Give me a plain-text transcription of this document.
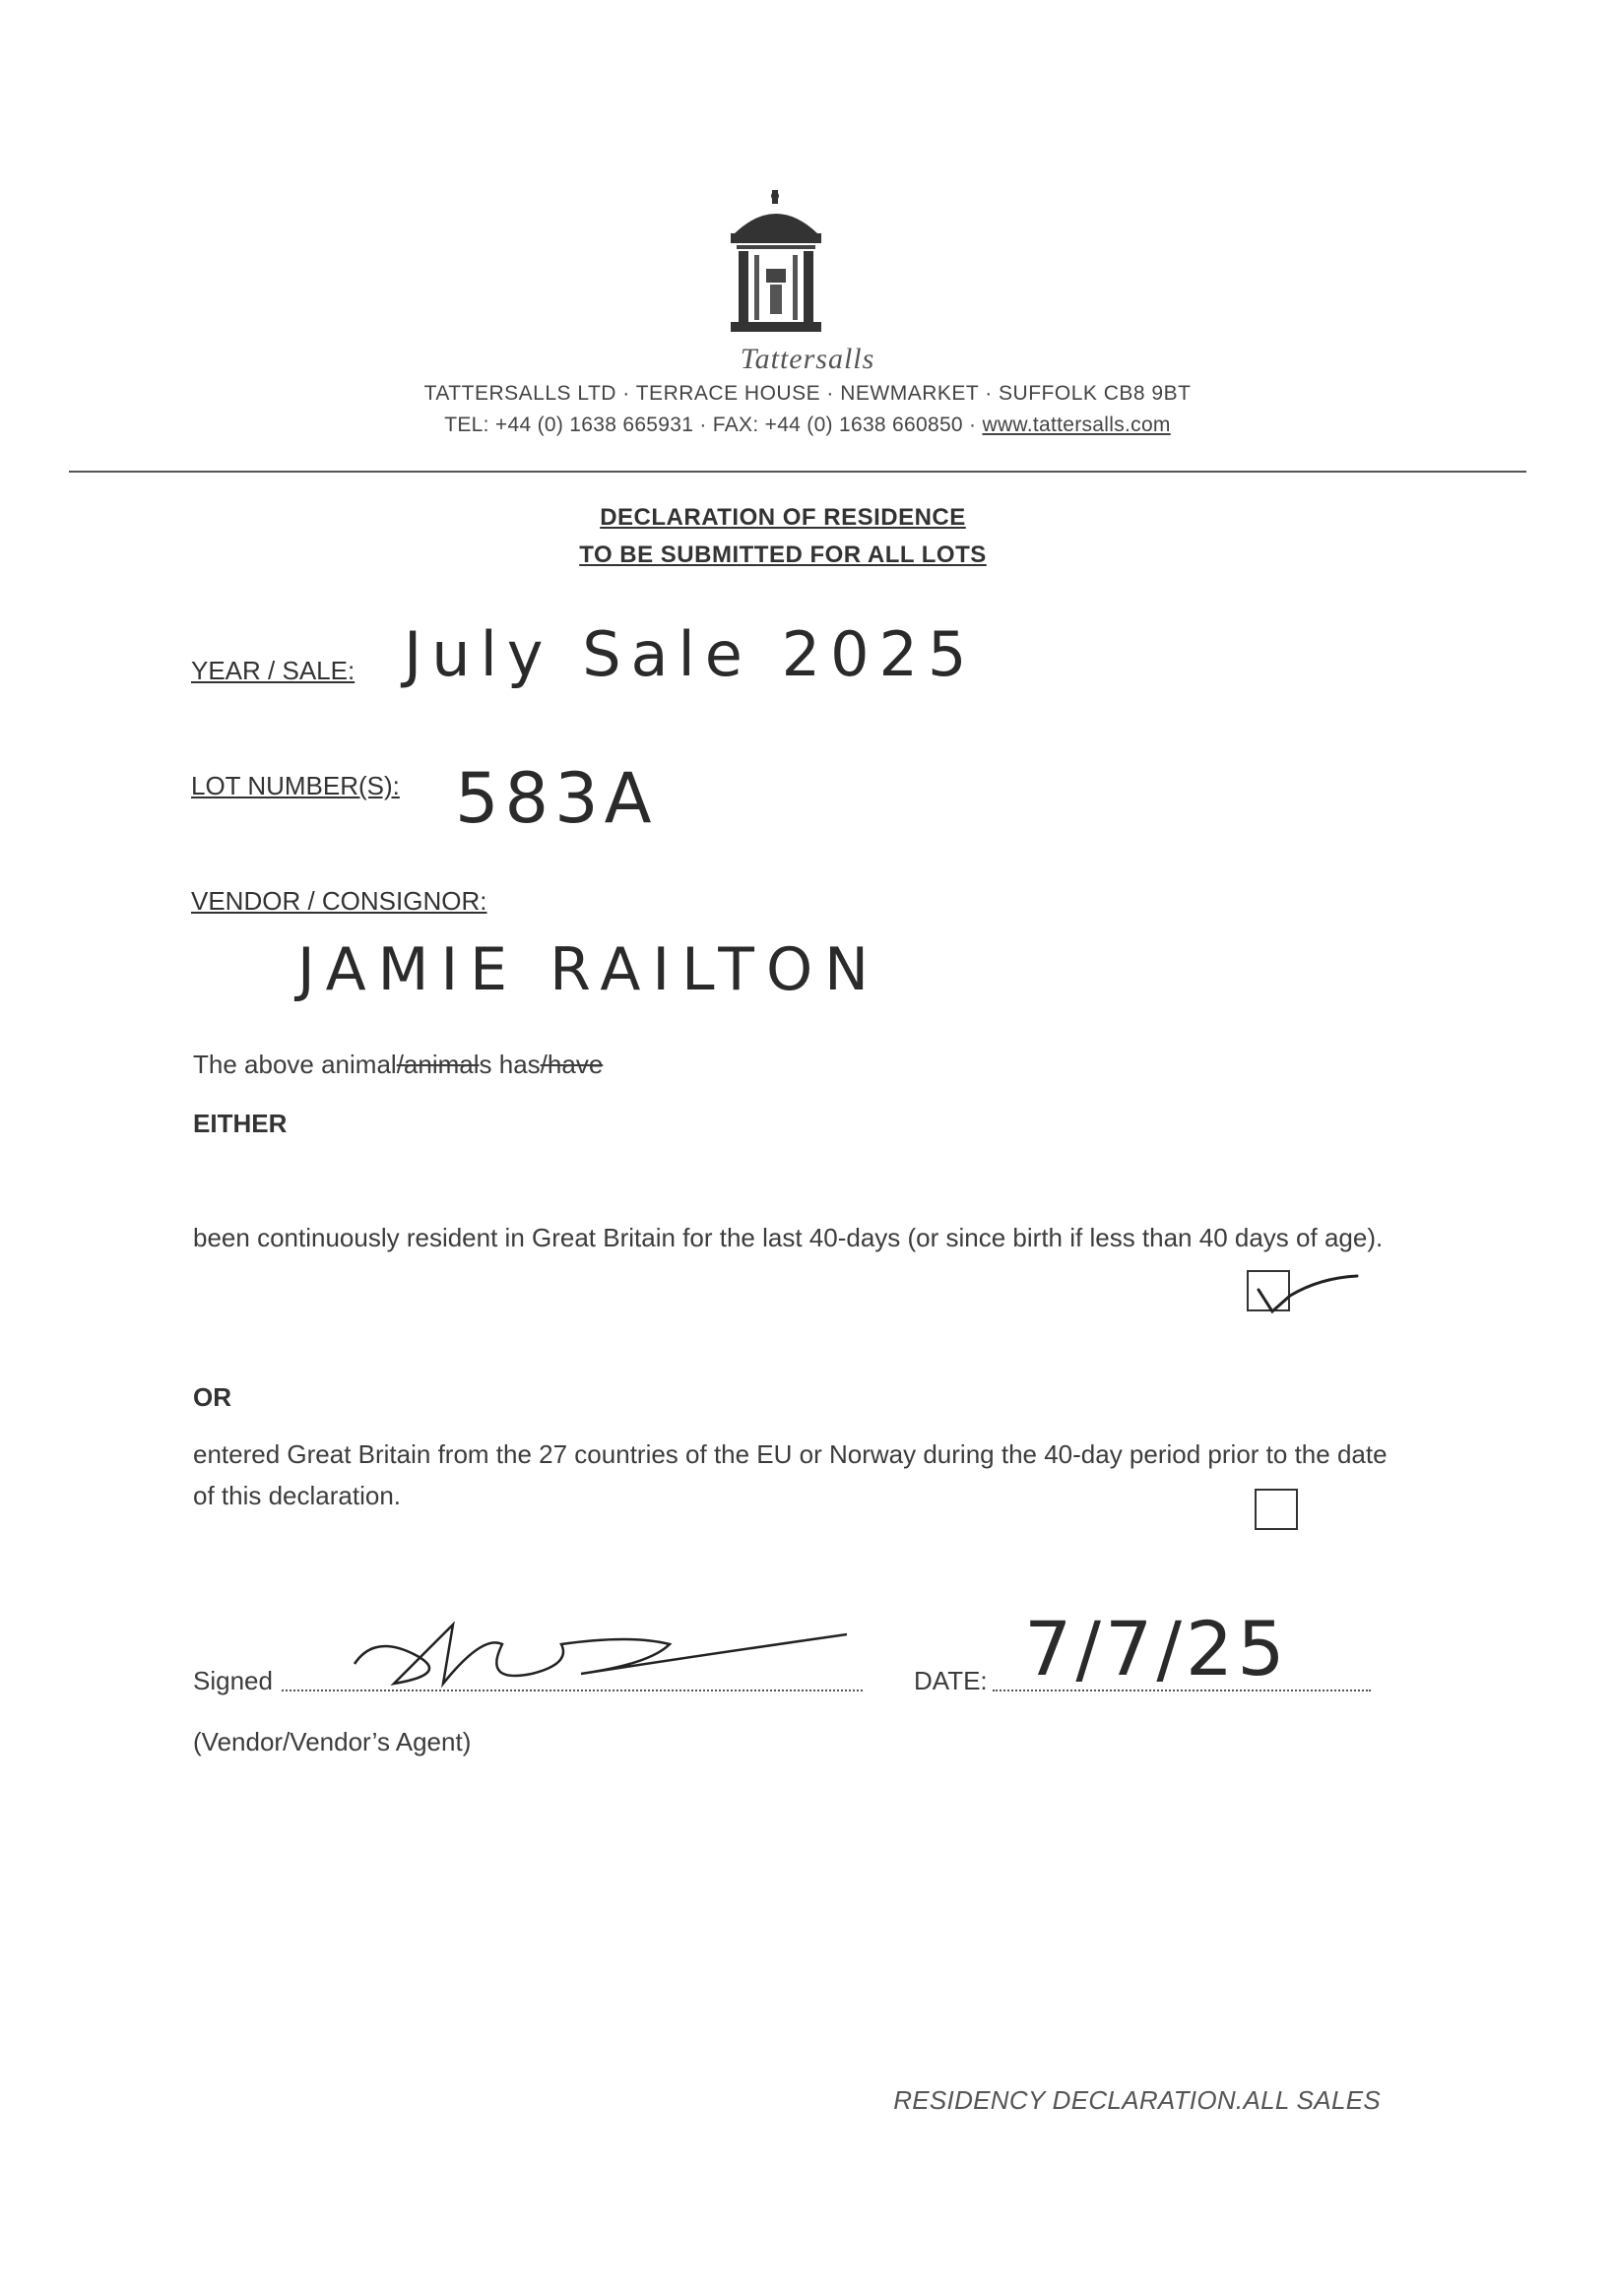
Tattersalls
TATTERSALLS LTD · TERRACE HOUSE · NEWMARKET · SUFFOLK CB8 9BT
TEL: +44 (0) 1638 665931 · FAX: +44 (0) 1638 660850 · www.tattersalls.com
DECLARATION OF RESIDENCE
TO BE SUBMITTED FOR ALL LOTS
YEAR / SALE: July Sale 2025
LOT NUMBER(S): 583A
VENDOR / CONSIGNOR:
JAMIE RAILTON
The above animal/animals has/have
EITHER
been continuously resident in Great Britain for the last 40-days (or since birth if less than 40 days of age).
OR
entered Great Britain from the 27 countries of the EU or Norway during the 40-day period prior to the date of this declaration.
Signed
(Vendor/Vendor’s Agent)
DATE: 7/7/25
RESIDENCY DECLARATION.ALL SALES
